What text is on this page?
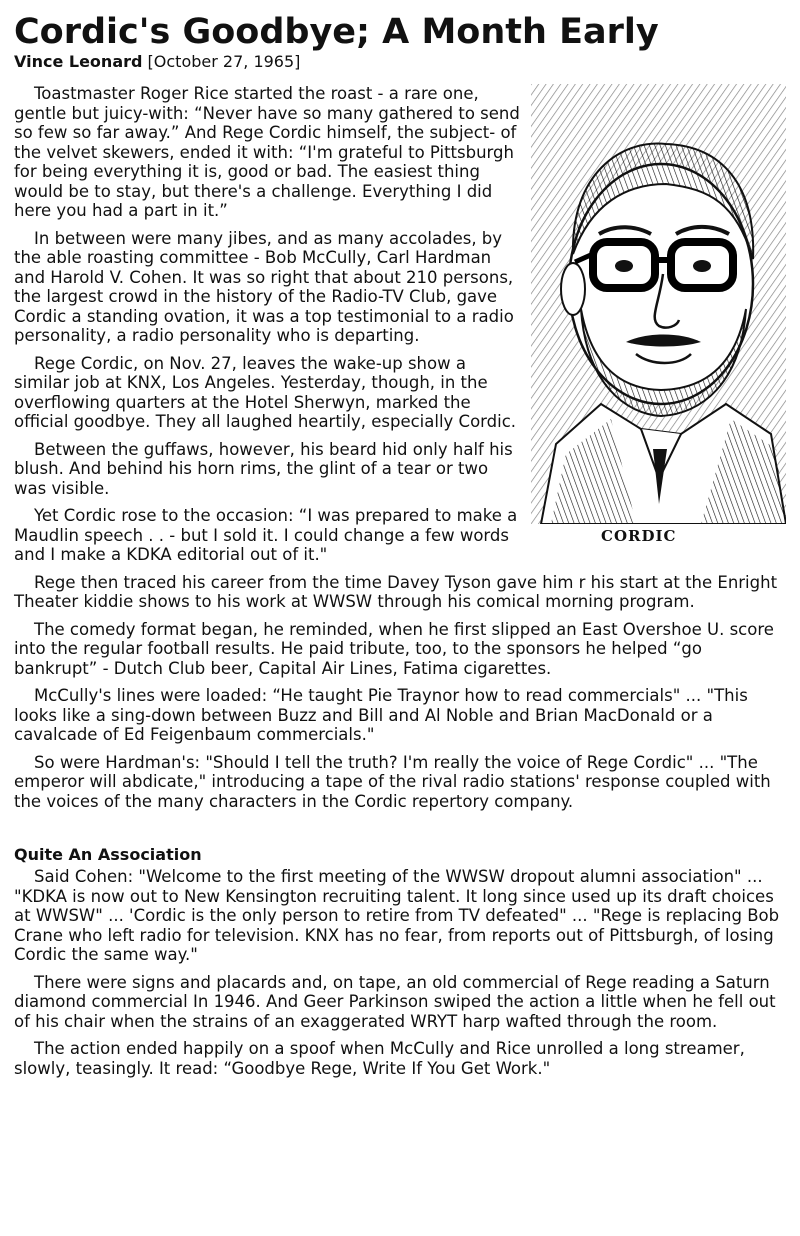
Cordic's Goodbye; A Month Early
Vince Leonard [October 27, 1965]
CORDIC

Toastmaster Roger Rice started the roast - a rare one, gentle but juicy-with: “Never have so many gathered to send so few so far away.” And Rege Cordic himself, the subject- of the velvet skewers, ended it with: “I'm grateful to Pittsburgh for being everything it is, good or bad. The easiest thing would be to stay, but there's a challenge. Everything I did here you had a part in it.”

In between were many jibes, and as many accolades, by the able roasting committee - Bob McCully, Carl Hardman and Harold V. Cohen. It was so right that about 210 persons, the largest crowd in the history of the Radio-TV Club, gave Cordic a standing ovation, it was a top testimonial to a radio personality, a radio personality who is departing.

Rege Cordic, on Nov. 27, leaves the wake-up show a similar job at KNX, Los Angeles. Yesterday, though, in the overflowing quarters at the Hotel Sherwyn, marked the official goodbye. They all laughed heartily, especially Cordic.

Between the guffaws, however, his beard hid only half his blush. And behind his horn rims, the glint of a tear or two was visible.

Yet Cordic rose to the occasion: “I was prepared to make a Maudlin speech . . - but I sold it. I could change a few words and I make a KDKA editorial out of it."

Rege then traced his career from the time Davey Tyson gave him r his start at the Enright Theater kiddie shows to his work at WWSW through his comical morning program.

The comedy format began, he reminded, when he first slipped an East Overshoe U. score into the regular football results. He paid tribute, too, to the sponsors he helped “go bankrupt” - Dutch Club beer, Capital Air Lines, Fatima cigarettes.

McCully's lines were loaded: “He taught Pie Traynor how to read commercials" ... "This looks like a sing-down between Buzz and Bill and Al Noble and Brian MacDonald or a cavalcade of Ed Feigenbaum commercials."

So were Hardman's: "Should I tell the truth? I'm really the voice of Rege Cordic" ... "The emperor will abdicate," introducing a tape of the rival radio stations' response coupled with the voices of the many characters in the Cordic repertory company.

Quite An Association

Said Cohen: "Welcome to the first meeting of the WWSW dropout alumni association" ... "KDKA is now out to New Kensington recruiting talent. It long since used up its draft choices at WWSW" ... 'Cordic is the only person to retire from TV defeated" ... "Rege is replacing Bob Crane who left radio for television. KNX has no fear, from reports out of Pittsburgh, of losing Cordic the same way."

There were signs and placards and, on tape, an old commercial of Rege reading a Saturn diamond commercial In 1946. And Geer Parkinson swiped the action a little when he fell out of his chair when the strains of an exaggerated WRYT harp wafted through the room.

The action ended happily on a spoof when McCully and Rice unrolled a long streamer, slowly, teasingly. It read: “Goodbye Rege, Write If You Get Work."
